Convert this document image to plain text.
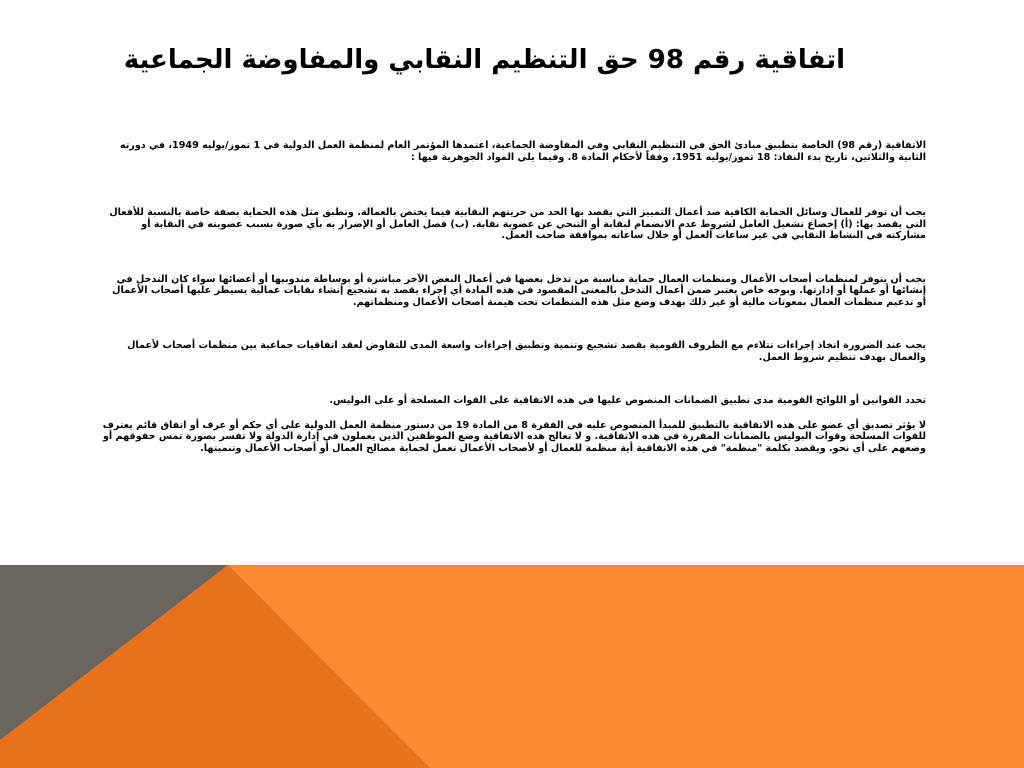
اتفاقية رقم 98 حق التنظيم النقابي والمفاوضة الجماعية

الاتفاقية (رقم 98) الخاصة بتطبيق مبادئ الحق في التنظيم النقابي وفي المفاوضة الجماعية، اعتمدها المؤتمر العام لمنظمة العمل الدولية في 1 تموز/يوليه 1949، في دورته الثانية والثلاثين، تاريخ بدء النفاذ: 18 تموز/يوليه 1951، وفقاً لأحكام المادة 8. وفيما يلي المواد الجوهرية فيها :

يجب أن توفر للعمال وسائل الحماية الكافية ضد أعمال التمييز التي يقصد بها الحد من حريتهم النقابية فيما يختص بالعمالة. وتطبق مثل هذه الحماية بصفة خاصة بالنسبة للأفعال التي يقصد بها: (أ) إخضاع تشغيل العامل لشروط عدم الانضمام لنقابة أو التنحي عن عضوية نقابة. (ب) فصل العامل أو الإضرار به بأي صورة بسبب عضويته في النقابة أو مشاركته في النشاط النقابي في غير ساعات العمل أو خلال ساعاته بموافقة صاحب العمل.

يجب أن يتوفر لمنظمات أصحاب الأعمال ومنظمات العمال حماية مناسبة من تدخل بعضها في أعمال البعض الآخر مباشرة أو بوساطة مندوبيها أو أعضائها سواء كان التدخل في إنشائها أو عملها أو إدارتها. وبوجه خاص يعتبر ضمن أعمال التدخل بالمعنى المقصود في هذه المادة أي إجراء يقصد به تشجيع إنشاء نقابات عمالية يسيطر عليها أصحاب الأعمال أو تدعيم منظمات العمال بمعونات مالية أو غير ذلك بهدف وضع مثل هذه المنظمات تحت هيمنة أصحاب الأعمال ومنظماتهم.

يجب عند الضرورة اتخاذ إجراءات تتلاءم مع الظروف القومية بقصد تشجيع وتنمية وتطبيق إجراءات واسعة المدى للتفاوض لعقد اتفاقيات جماعية بين منظمات أصحاب لأعمال والعمال بهدف تنظيم شروط العمل.

تحدد القوانين أو اللوائح القومية مدى تطبيق الضمانات المنصوص عليها في هذه الاتفاقية على القوات المسلحة أو على البوليس.

لا يؤثر تصديق أي عضو على هذه الاتفاقية بالتطبيق للمبدأ المنصوص عليه في الفقرة 8 من المادة 19 من دستور منظمة العمل الدولية على أي حكم أو عرف أو اتفاق قائم يعترف للقوات المسلحة وقوات البوليس بالضمانات المقررة في هذه الاتفاقية. و لا تعالج هذه الاتفاقية وضع الموظفين الذين يعملون في إدارة الدولة ولا تفسر بصورة تمس حقوقهم أو وضعهم على أي نحو. ويقصد بكلمة "منظمة" في هذه الاتفاقية أية منظمة للعمال أو لأصحاب الأعمال تعمل لحماية مصالح العمال أو أصحاب الأعمال وتنميتها.
